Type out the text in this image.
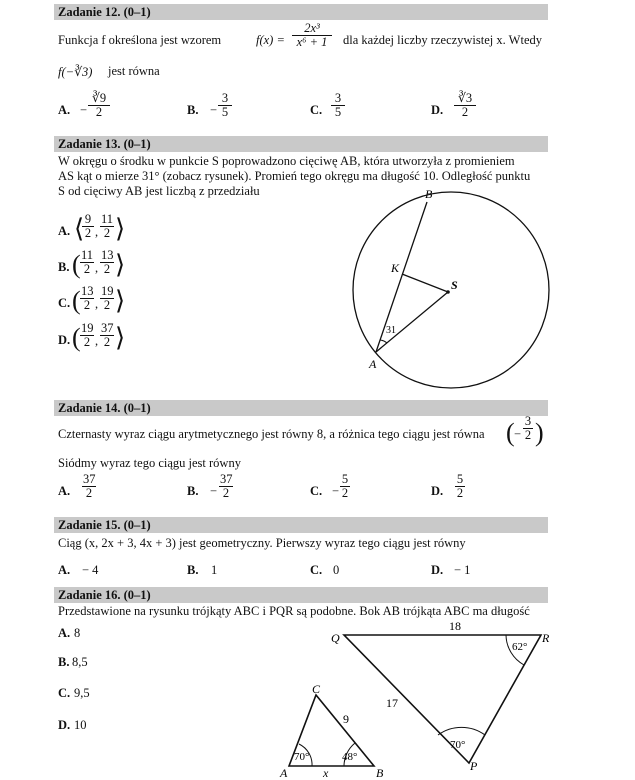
Zadanie 12. (0–1)
Funkcja f określona jest wzorem	$f(x) = \frac{\text{2x³}}{\text{x⁶ + 1}}$ dla każdej liczby rzeczywistej x. Wtedy
f(−∛3) jest równa
A. − $\frac{∛9}{2}$	B. − $\frac{3}{5}$	C. $\frac{3}{5}$	D. $\frac{∛3}{2}$
Zadanie 13. (0–1)
W okręgu o środku w punkcie S poprowadzono cięciwę AB, która utworzyła z promieniem
AS kąt o mierze 31° (zobacz rysunek). Promień tego okręgu ma długość 10. Odległość punktu
S od cięciwy AB jest liczbą z przedziału
A. ⟨
$\frac{9}{2}$ , $\frac{11}{2}$ ⟩
B. ( $\frac{11}{2}$ , $\frac{13}{2}$ ⟩
C. ( $\frac{13}{2}$ , $\frac{19}{2}$ ⟩
D. ( $\frac{19}{2}$ , $\frac{37}{2}$ ⟩
B
K
S
A
31
Zadanie 14. (0–1)
Czternasty wyraz ciągu arytmetycznego jest równy 8, a różnica tego ciągu jest równa ( − $\frac{3}{2}$ )
Siódmy wyraz tego ciągu jest równy
A. $\frac{37}{2}$	B. − $\frac{37}{2}$	C. − $\frac{5}{2}$	D. $\frac{5}{2}$
Zadanie 15. (0–1)
Ciąg (x, 2x + 3, 4x + 3) jest geometryczny. Pierwszy wyraz tego ciągu jest równy
A. − 4	B. 1	C. 0	D. − 1
Zadanie 16. (0–1)
Przedstawione na rysunku trójkąty ABC i PQR są podobne. Bok AB trójkąta ABC ma długość
A. 8
B. 8,5
C. 9,5
D. 10
Q	R
P
18
17
62°
70°
C
A	B
9
x
70°	48°
